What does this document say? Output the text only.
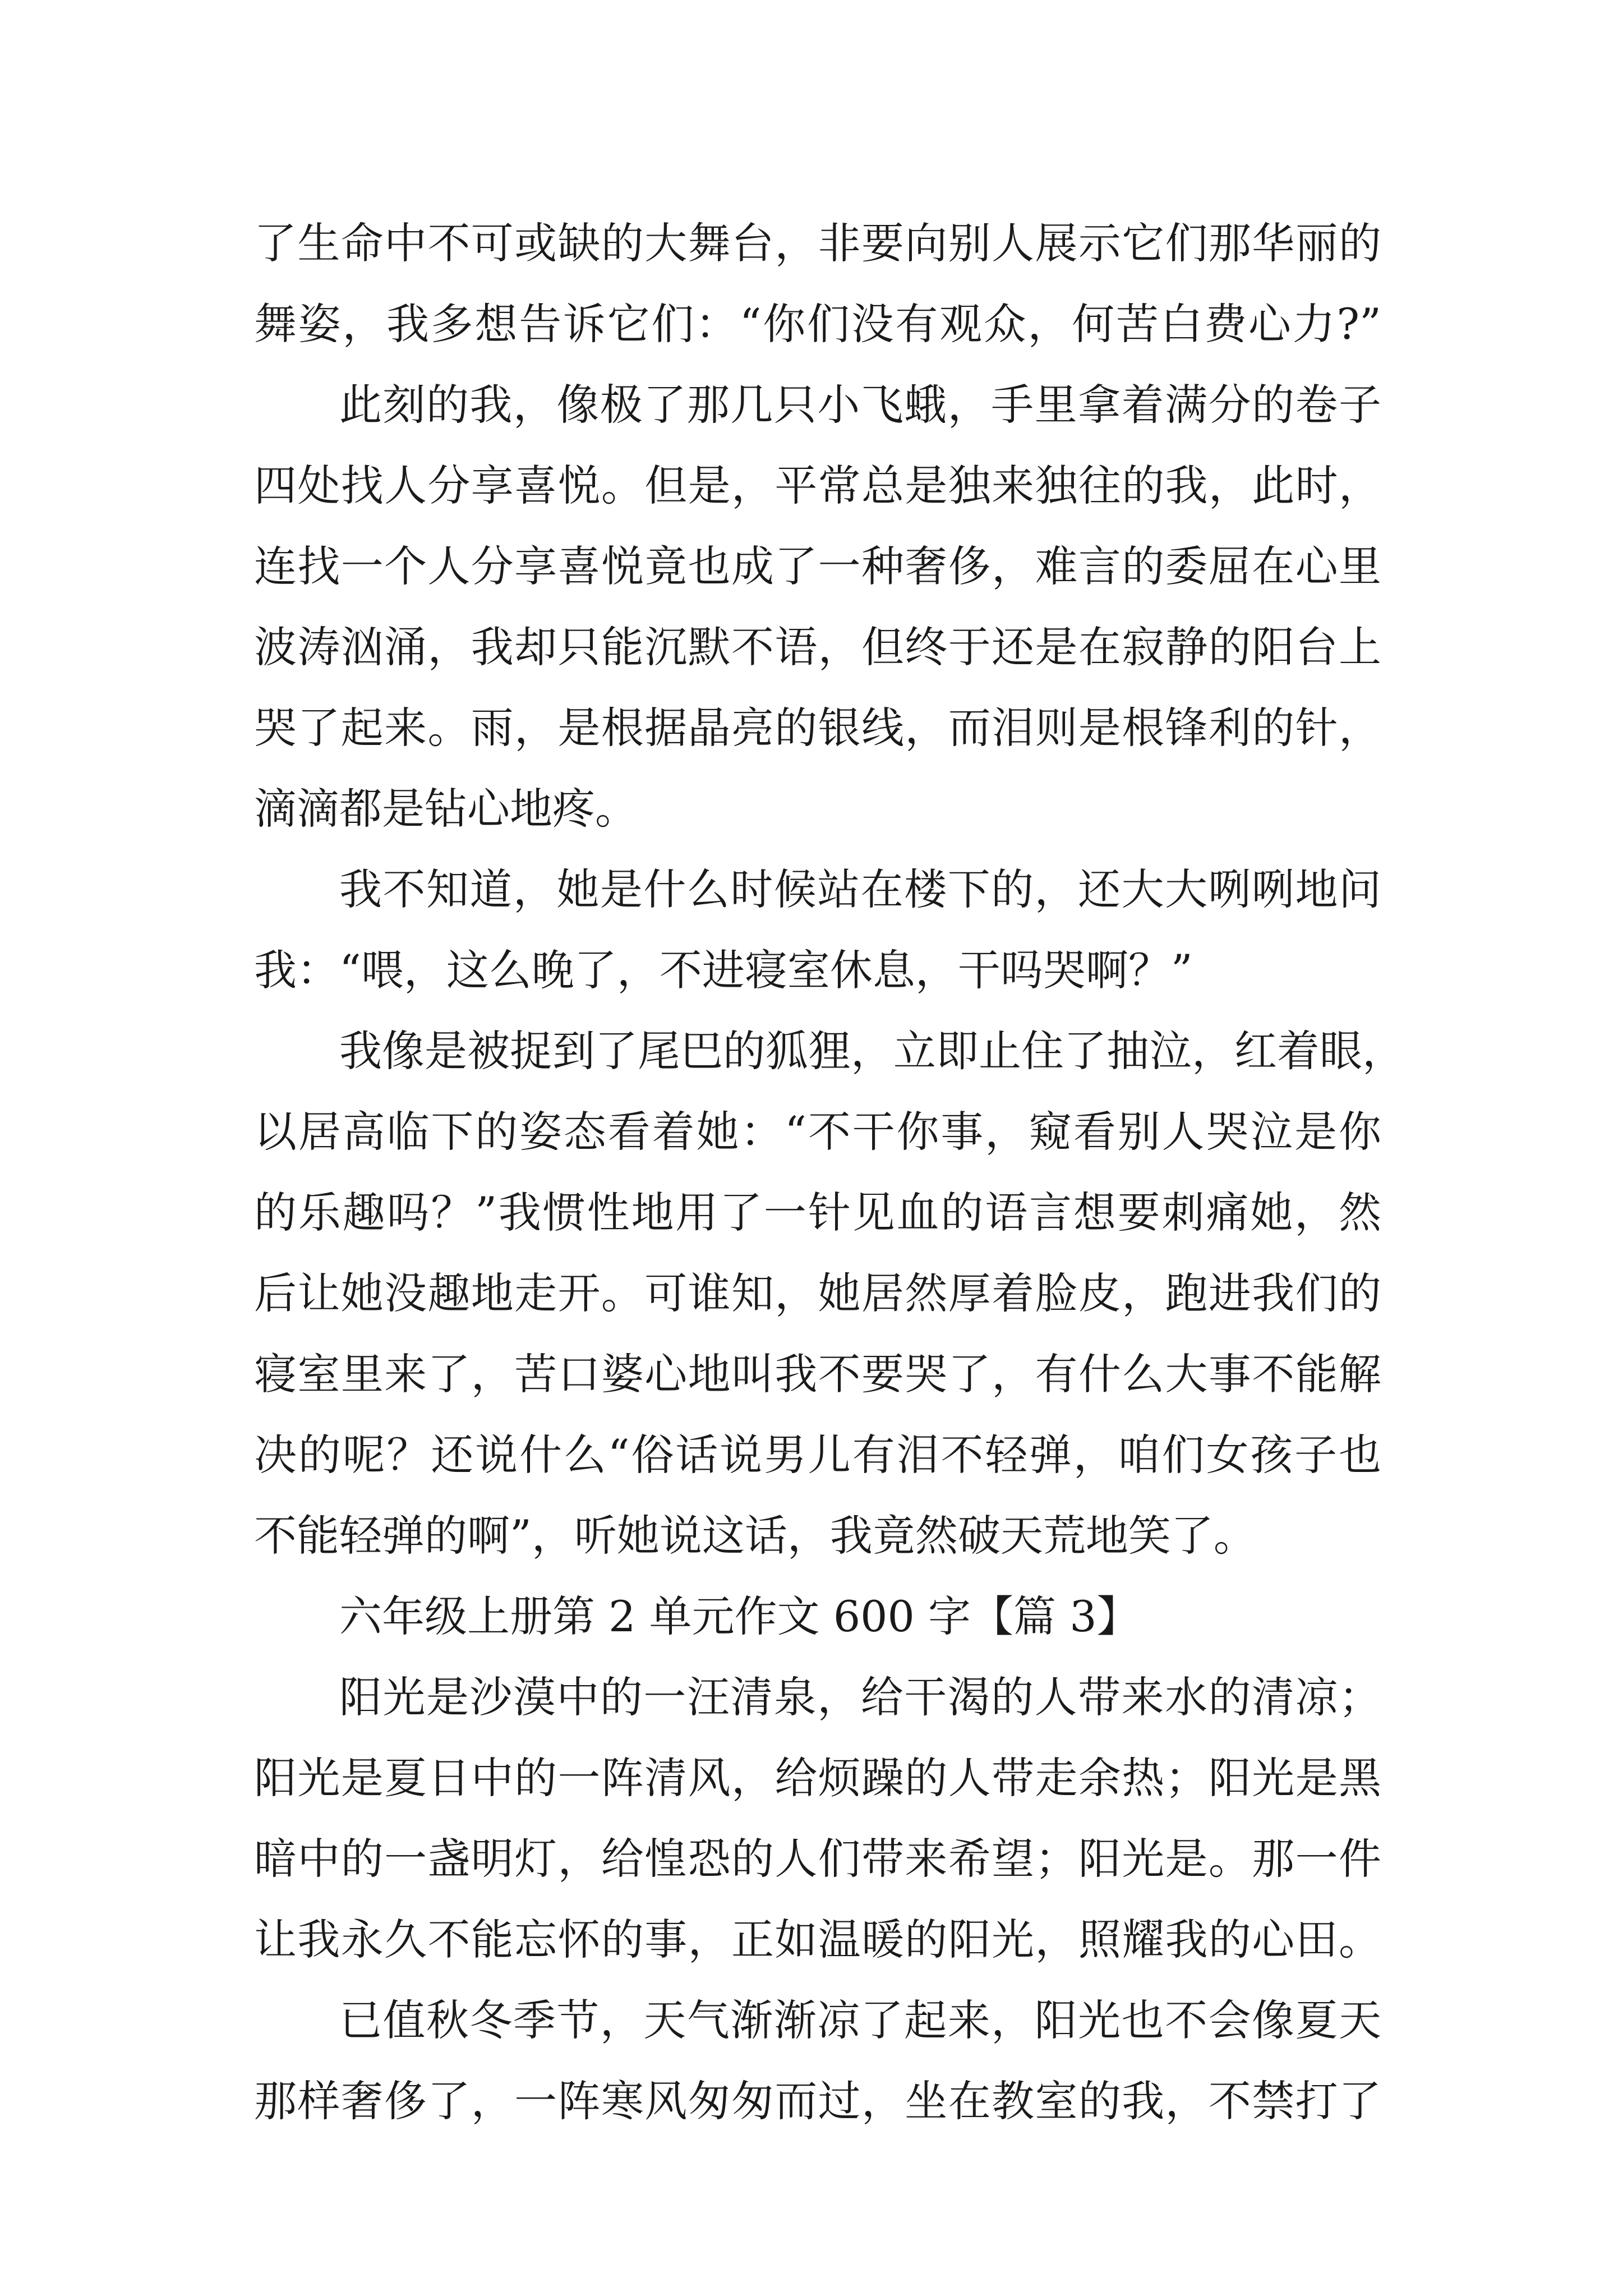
了生命中不可或缺的大舞台，非要向别人展示它们那华丽的
舞姿，我多想告诉它们：“你们没有观众，何苦白费心力?”
此刻的我，像极了那几只小飞蛾，手里拿着满分的卷子
四处找人分享喜悦。但是，平常总是独来独往的我，此时，
连找一个人分享喜悦竟也成了一种奢侈，难言的委屈在心里
波涛汹涌，我却只能沉默不语，但终于还是在寂静的阳台上
哭了起来。雨，是根据晶亮的银线，而泪则是根锋利的针，
滴滴都是钻心地疼。
我不知道，她是什么时候站在楼下的，还大大咧咧地问
我：“喂，这么晚了，不进寝室休息，干吗哭啊？”
我像是被捉到了尾巴的狐狸，立即止住了抽泣，红着眼，
以居高临下的姿态看着她：“不干你事，窥看别人哭泣是你
的乐趣吗？”我惯性地用了一针见血的语言想要刺痛她，然
后让她没趣地走开。可谁知，她居然厚着脸皮，跑进我们的
寝室里来了，苦口婆心地叫我不要哭了，有什么大事不能解
决的呢？还说什么“俗话说男儿有泪不轻弹，咱们女孩子也
不能轻弹的啊”，听她说这话，我竟然破天荒地笑了。
六年级上册第 2 单元作文 600 字【篇 3】
阳光是沙漠中的一汪清泉，给干渴的人带来水的清凉；
阳光是夏日中的一阵清风，给烦躁的人带走余热；阳光是黑
暗中的一盏明灯，给惶恐的人们带来希望；阳光是。那一件
让我永久不能忘怀的事，正如温暖的阳光，照耀我的心田。
已值秋冬季节，天气渐渐凉了起来，阳光也不会像夏天
那样奢侈了，一阵寒风匆匆而过，坐在教室的我，不禁打了
